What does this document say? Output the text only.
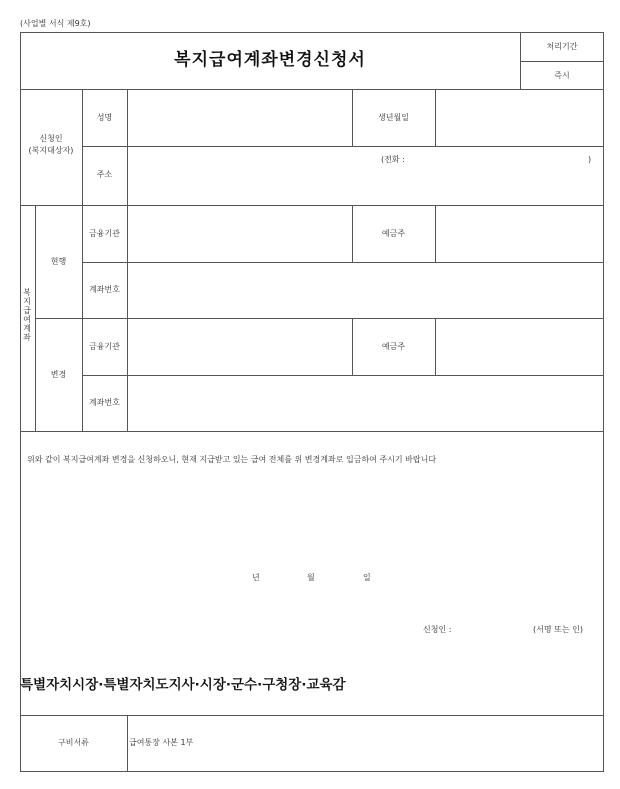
(사업별 서식 제9호)
복지급여계좌변경신청서
처리기간
즉시
신청인
(복지대상자)
성명	생년월일
주소
(전화 :	)
복지급여계좌
현행
금융기관	예금주
계좌번호
변경
금융기관	예금주
계좌번호
위와 같이 복지급여계좌 변경을 신청하오니, 현재 지급받고 있는 급여 전체를 위 변경계좌로 입금하여 주시기 바랍니다
년	월	일
신청인 :	(서명 또는 인)
특별자치시장·특별자치도지사·시장·군수·구청장·교육감
구비서류	급여통장 사본 1부
